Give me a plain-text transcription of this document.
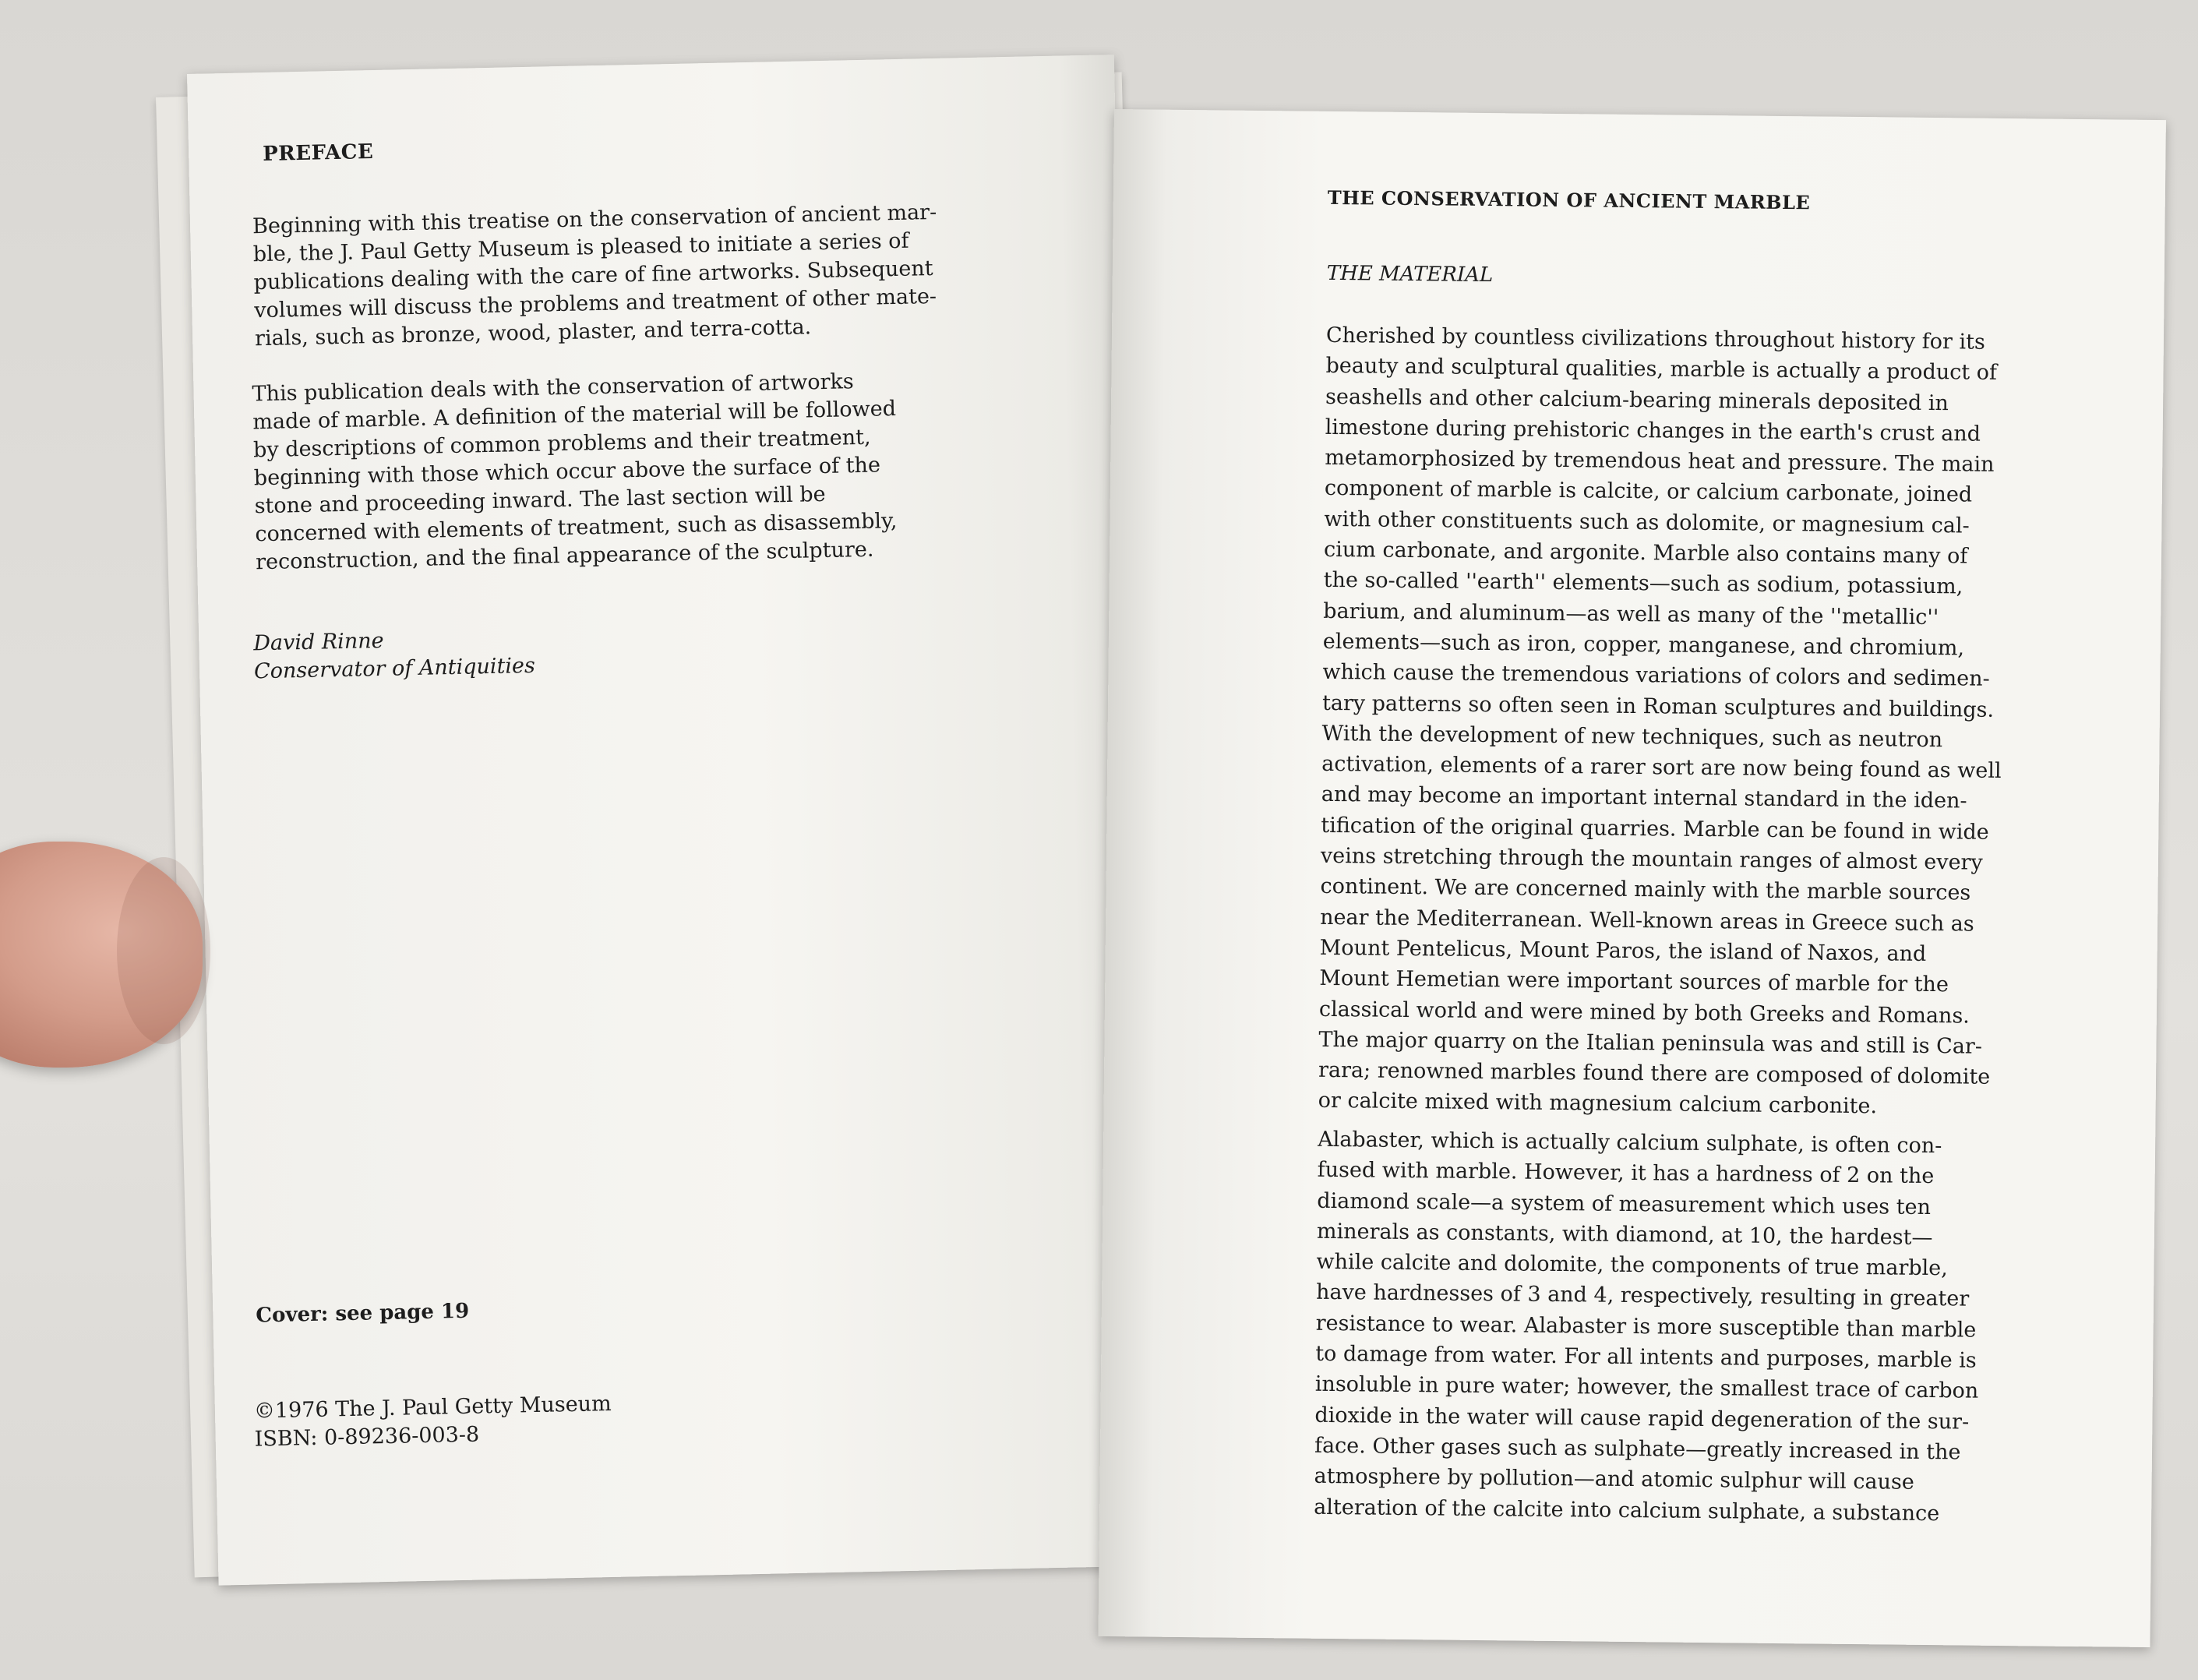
PREFACE

Beginning with this treatise on the conservation of ancient mar-
ble, the J. Paul Getty Museum is pleased to initiate a series of
publications dealing with the care of fine artworks. Subsequent
volumes will discuss the problems and treatment of other mate-
rials, such as bronze, wood, plaster, and terra-cotta.

This publication deals with the conservation of artworks
made of marble. A definition of the material will be followed
by descriptions of common problems and their treatment,
beginning with those which occur above the surface of the
stone and proceeding inward. The last section will be
concerned with elements of treatment, such as disassembly,
reconstruction, and the final appearance of the sculpture.

David Rinne
Conservator of Antiquities
Cover: see page 19
©1976 The J. Paul Getty Museum
ISBN: 0-89236-003-8
THE CONSERVATION OF ANCIENT MARBLE
THE MATERIAL

Cherished by countless civilizations throughout history for its
beauty and sculptural qualities, marble is actually a product of
seashells and other calcium-bearing minerals deposited in
limestone during prehistoric changes in the earth's crust and
metamorphosized by tremendous heat and pressure. The main
component of marble is calcite, or calcium carbonate, joined
with other constituents such as dolomite, or magnesium cal-
cium carbonate, and argonite. Marble also contains many of
the so-called ''earth'' elements—such as sodium, potassium,
barium, and aluminum—as well as many of the ''metallic''
elements—such as iron, copper, manganese, and chromium,
which cause the tremendous variations of colors and sedimen-
tary patterns so often seen in Roman sculptures and buildings.
With the development of new techniques, such as neutron
activation, elements of a rarer sort are now being found as well
and may become an important internal standard in the iden-
tification of the original quarries. Marble can be found in wide
veins stretching through the mountain ranges of almost every
continent. We are concerned mainly with the marble sources
near the Mediterranean. Well-known areas in Greece such as
Mount Pentelicus, Mount Paros, the island of Naxos, and
Mount Hemetian were important sources of marble for the
classical world and were mined by both Greeks and Romans.
The major quarry on the Italian peninsula was and still is Car-
rara; renowned marbles found there are composed of dolomite
or calcite mixed with magnesium calcium carbonite.

Alabaster, which is actually calcium sulphate, is often con-
fused with marble. However, it has a hardness of 2 on the
diamond scale—a system of measurement which uses ten
minerals as constants, with diamond, at 10, the hardest—
while calcite and dolomite, the components of true marble,
have hardnesses of 3 and 4, respectively, resulting in greater
resistance to wear. Alabaster is more susceptible than marble
to damage from water. For all intents and purposes, marble is
insoluble in pure water; however, the smallest trace of carbon
dioxide in the water will cause rapid degeneration of the sur-
face. Other gases such as sulphate—greatly increased in the
atmosphere by pollution—and atomic sulphur will cause
alteration of the calcite into calcium sulphate, a substance
